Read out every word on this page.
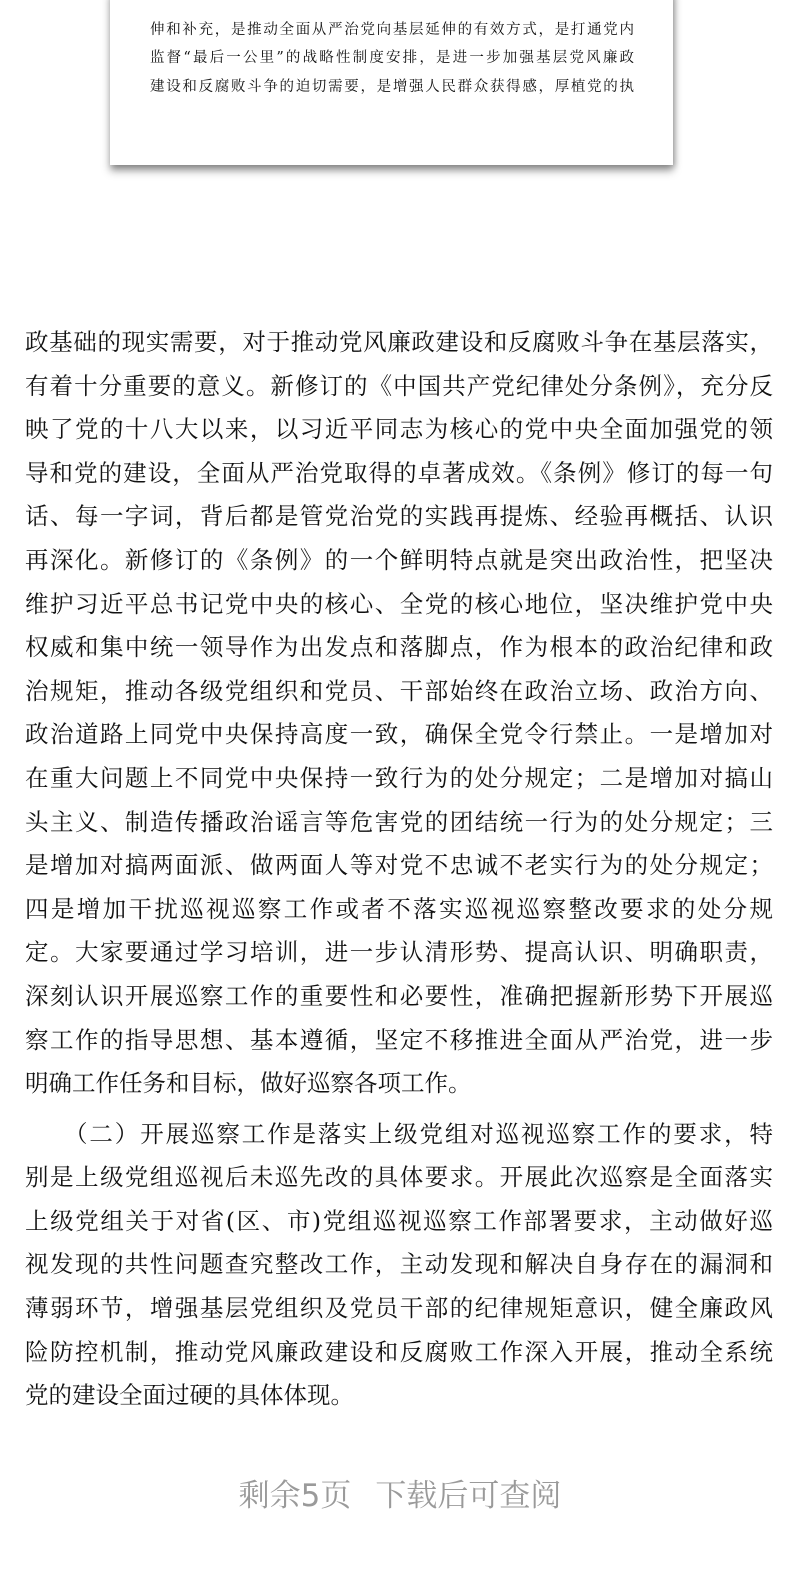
伸和补充，是推动全面从严治党向基层延伸的有效方式，是打通党内
监督“最后一公里”的战略性制度安排，是进一步加强基层党风廉政
建设和反腐败斗争的迫切需要，是增强人民群众获得感，厚植党的执
政基础的现实需要，对于推动党风廉政建设和反腐败斗争在基层落实，
有着十分重要的意义。新修订的《中国共产党纪律处分条例》，充分反
映了党的十八大以来，以习近平同志为核心的党中央全面加强党的领
导和党的建设，全面从严治党取得的卓著成效。《条例》修订的每一句
话、每一字词，背后都是管党治党的实践再提炼、经验再概括、认识
再深化。新修订的《条例》的一个鲜明特点就是突出政治性，把坚决
维护习近平总书记党中央的核心、全党的核心地位，坚决维护党中央
权威和集中统一领导作为出发点和落脚点，作为根本的政治纪律和政
治规矩，推动各级党组织和党员、干部始终在政治立场、政治方向、
政治道路上同党中央保持高度一致，确保全党令行禁止。一是增加对
在重大问题上不同党中央保持一致行为的处分规定；二是增加对搞山
头主义、制造传播政治谣言等危害党的团结统一行为的处分规定；三
是增加对搞两面派、做两面人等对党不忠诚不老实行为的处分规定；
四是增加干扰巡视巡察工作或者不落实巡视巡察整改要求的处分规
定。大家要通过学习培训，进一步认清形势、提高认识、明确职责，
深刻认识开展巡察工作的重要性和必要性，准确把握新形势下开展巡
察工作的指导思想、基本遵循，坚定不移推进全面从严治党，进一步
明确工作任务和目标，做好巡察各项工作。
　　（二）开展巡察工作是落实上级党组对巡视巡察工作的要求，特
别是上级党组巡视后未巡先改的具体要求。开展此次巡察是全面落实
上级党组关于对省(区、市)党组巡视巡察工作部署要求，主动做好巡
视发现的共性问题查究整改工作，主动发现和解决自身存在的漏洞和
薄弱环节，增强基层党组织及党员干部的纪律规矩意识，健全廉政风
险防控机制，推动党风廉政建设和反腐败工作深入开展，推动全系统
党的建设全面过硬的具体体现。
剩余5页 下载后可查阅
